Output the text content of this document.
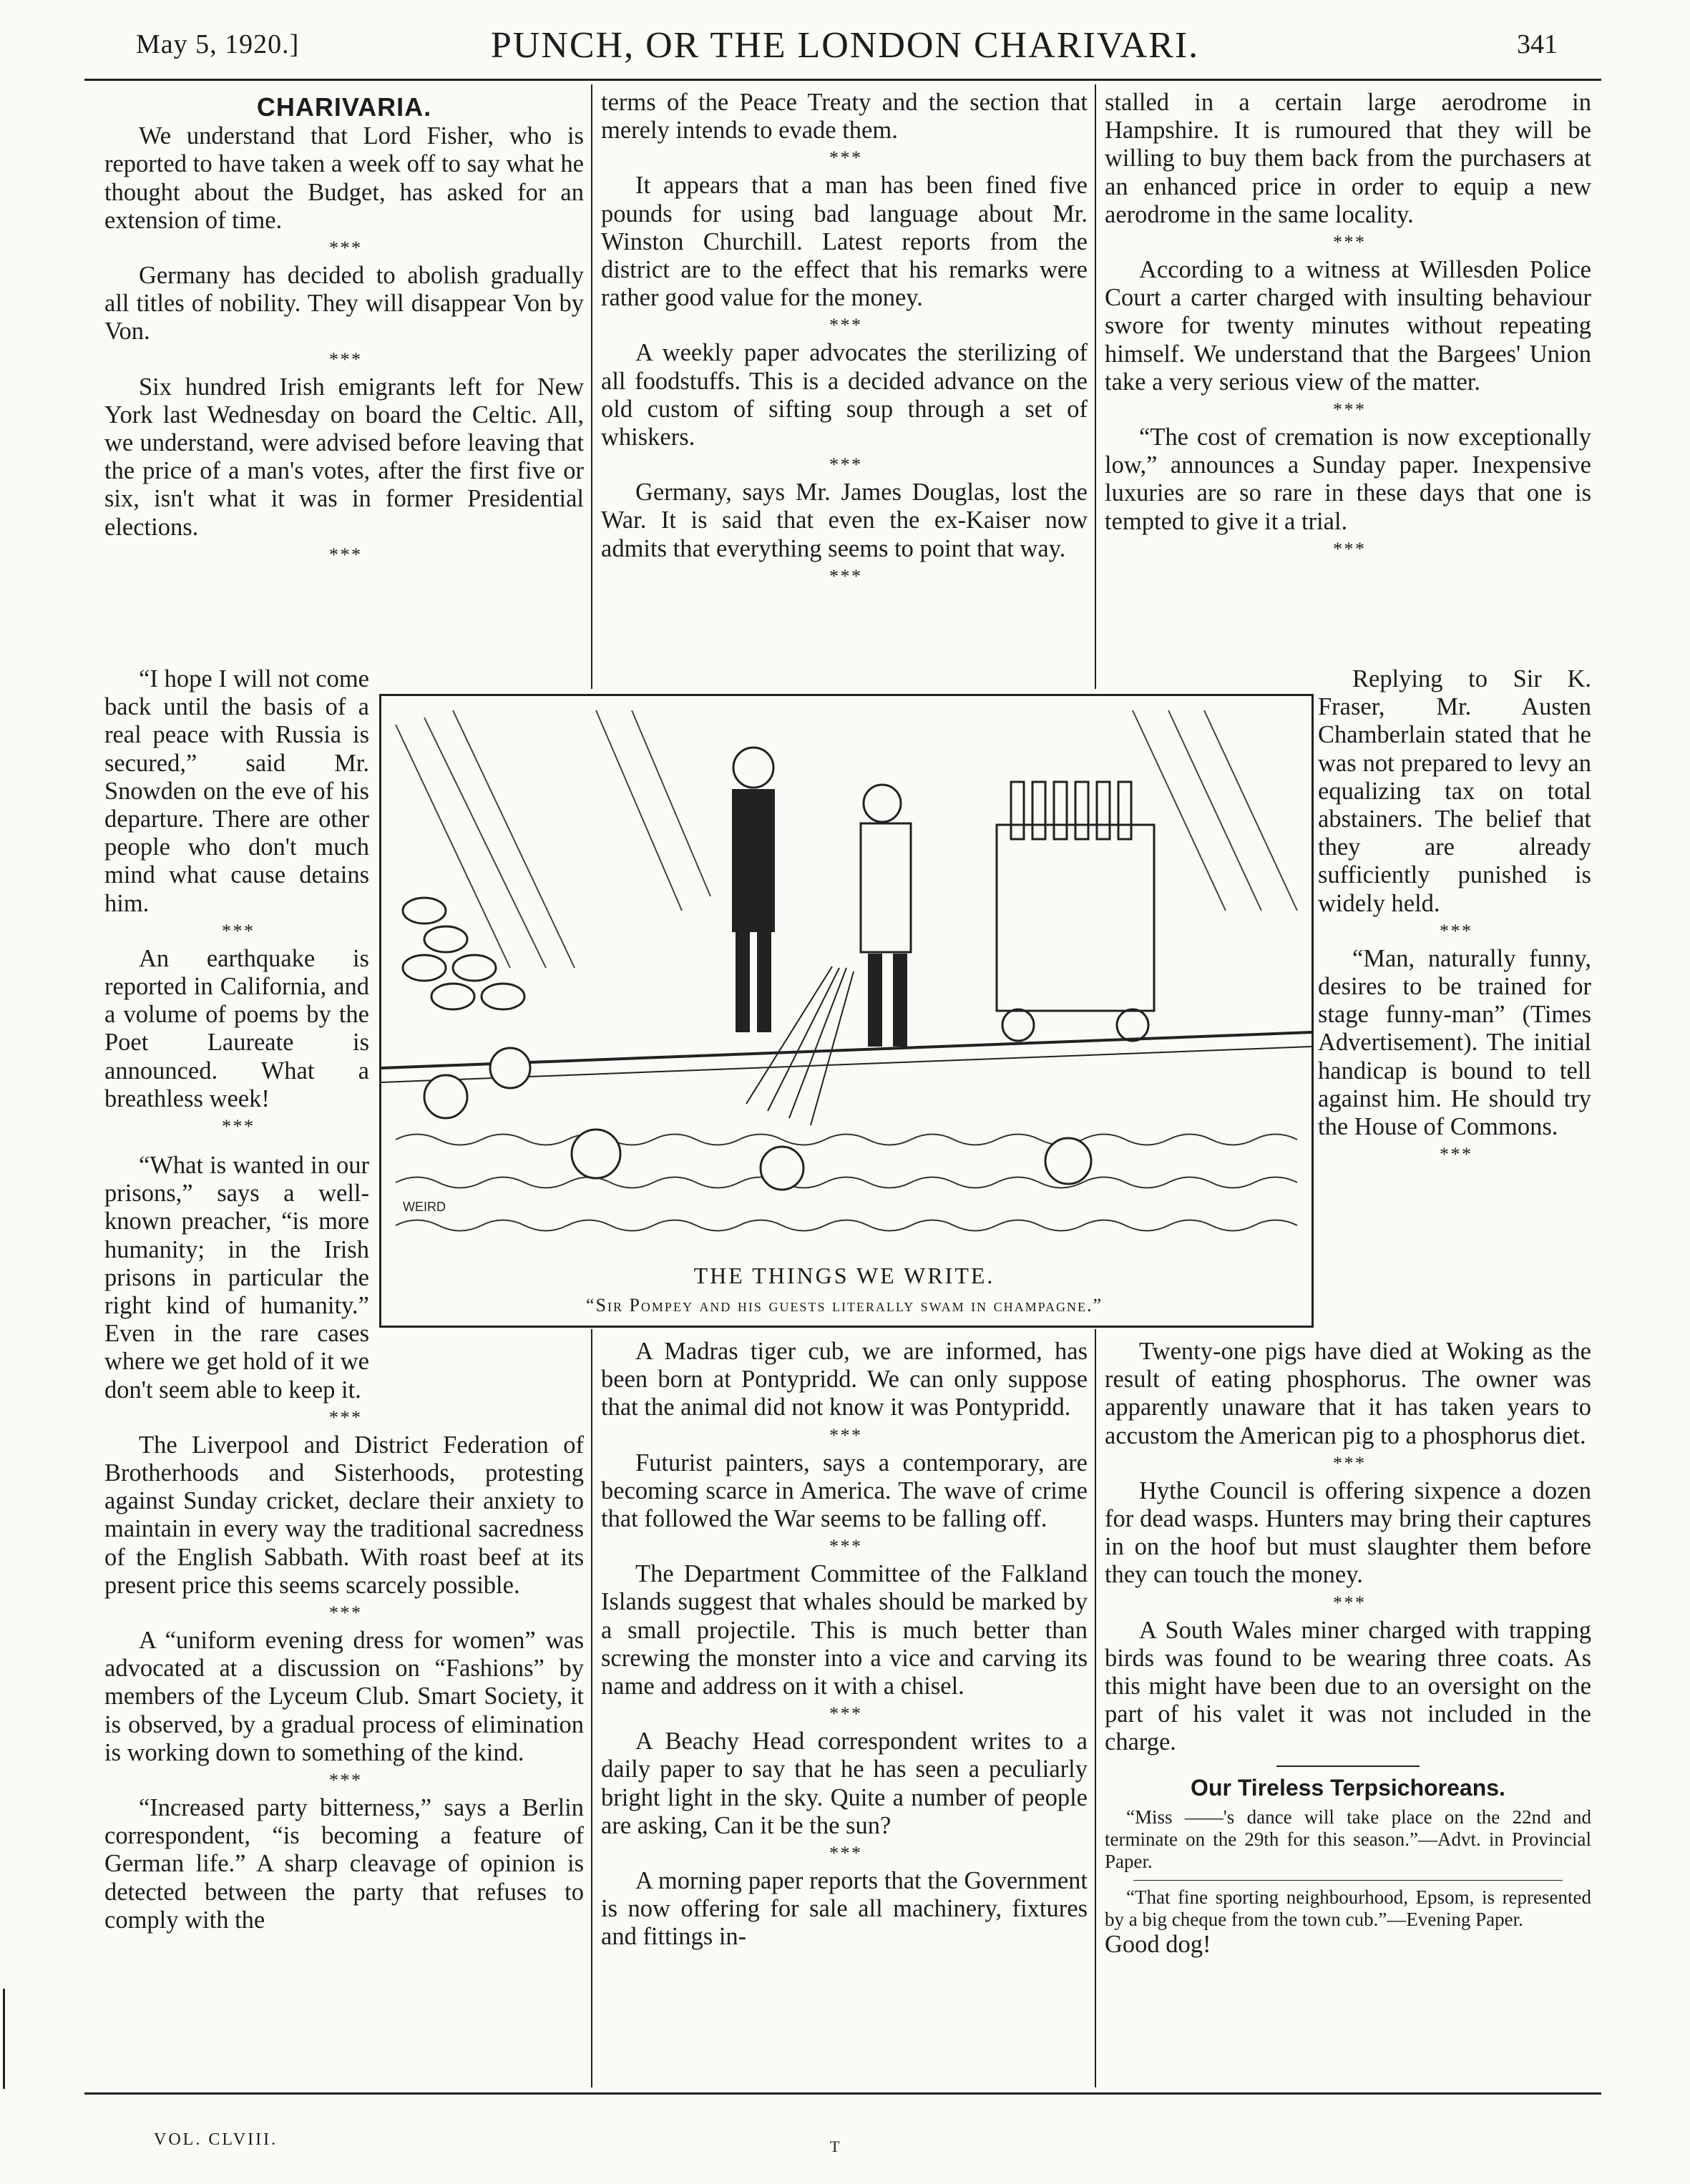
May 5, 1920.]	PUNCH, OR THE LONDON CHARIVARI.	341
CHARIVARIA.

We understand that Lord Fisher, who is reported to have taken a week off to say what he thought about the Budget, has asked for an extension of time.

* * *

Germany has decided to abolish gradually all titles of nobility. They will disappear Von by Von.

* * *

Six hundred Irish emigrants left for New York last Wednesday on board the Celtic. All, we understand, were advised before leaving that the price of a man's votes, after the first five or six, isn't what it was in former Presidential elections.

* * *

“I hope I will not come back until the basis of a real peace with Russia is secured,” said Mr. Snowden on the eve of his departure. There are other people who don't much mind what cause detains him.

* * *

An earthquake is reported in California, and a volume of poems by the Poet Laureate is announced. What a breathless week!

* * *

“What is wanted in our prisons,” says a well-known preacher, “is more humanity; in the Irish prisons in particular the right kind of humanity.” Even in the rare cases where we get hold of it we don't seem able to keep it.

* * *

The Liverpool and District Federation of Brotherhoods and Sisterhoods, protesting against Sunday cricket, declare their anxiety to maintain in every way the traditional sacredness of the English Sabbath. With roast beef at its present price this seems scarcely possible.

* * *

A “uniform evening dress for women” was advocated at a discussion on “Fashions” by members of the Lyceum Club. Smart Society, it is observed, by a gradual process of elimination is working down to something of the kind.

* * *

“Increased party bitterness,” says a Berlin correspondent, “is becoming a feature of German life.” A sharp cleavage of opinion is detected between the party that refuses to comply with the

terms of the Peace Treaty and the section that merely intends to evade them.

* * *

It appears that a man has been fined five pounds for using bad language about Mr. Winston Churchill. Latest reports from the district are to the effect that his remarks were rather good value for the money.

* * *

A weekly paper advocates the sterilizing of all foodstuffs. This is a decided advance on the old custom of sifting soup through a set of whiskers.

* * *

Germany, says Mr. James Douglas, lost the War. It is said that even the ex-Kaiser now admits that everything seems to point that way.

* * *

A Madras tiger cub, we are informed, has been born at Pontypridd. We can only suppose that the animal did not know it was Pontypridd.

* * *

Futurist painters, says a contemporary, are becoming scarce in America. The wave of crime that followed the War seems to be falling off.

* * *

The Department Committee of the Falkland Islands suggest that whales should be marked by a small projectile. This is much better than screwing the monster into a vice and carving its name and address on it with a chisel.

* * *

A Beachy Head correspondent writes to a daily paper to say that he has seen a peculiarly bright light in the sky. Quite a number of people are asking, Can it be the sun?

* * *

A morning paper reports that the Government is now offering for sale all machinery, fixtures and fittings in-

stalled in a certain large aerodrome in Hampshire. It is rumoured that they will be willing to buy them back from the purchasers at an enhanced price in order to equip a new aerodrome in the same locality.

* * *

According to a witness at Willesden Police Court a carter charged with insulting behaviour swore for twenty minutes without repeating himself. We understand that the Bargees' Union take a very serious view of the matter.

* * *

“The cost of cremation is now exceptionally low,” announces a Sunday paper. Inexpensive luxuries are so rare in these days that one is tempted to give it a trial.

* * *

Replying to Sir K. Fraser, Mr. Austen Chamberlain stated that he was not prepared to levy an equalizing tax on total abstainers. The belief that they are already sufficiently punished is widely held.

* * *

“Man, naturally funny, desires to be trained for stage funny-man” (Times Advertisement). The initial handicap is bound to tell against him. He should try the House of Commons.

* * *

Twenty-one pigs have died at Woking as the result of eating phosphorus. The owner was apparently unaware that it has taken years to accustom the American pig to a phosphorus diet.

* * *

Hythe Council is offering sixpence a dozen for dead wasps. Hunters may bring their captures in on the hoof but must slaughter them before they can touch the money.

* * *

A South Wales miner charged with trapping birds was found to be wearing three coats. As this might have been due to an oversight on the part of his valet it was not included in the charge.

Our Tireless Terpsichoreans.

“Miss ——'s dance will take place on the 22nd and terminate on the 29th for this season.”—Advt. in Provincial Paper.

“That fine sporting neighbourhood, Epsom, is represented by a big cheque from the town cub.”—Evening Paper.

Good dog!

WEIRD
THE THINGS WE WRITE.
“Sir Pompey and his guests literally swam in champagne.”
VOL. CLVIII.	T
